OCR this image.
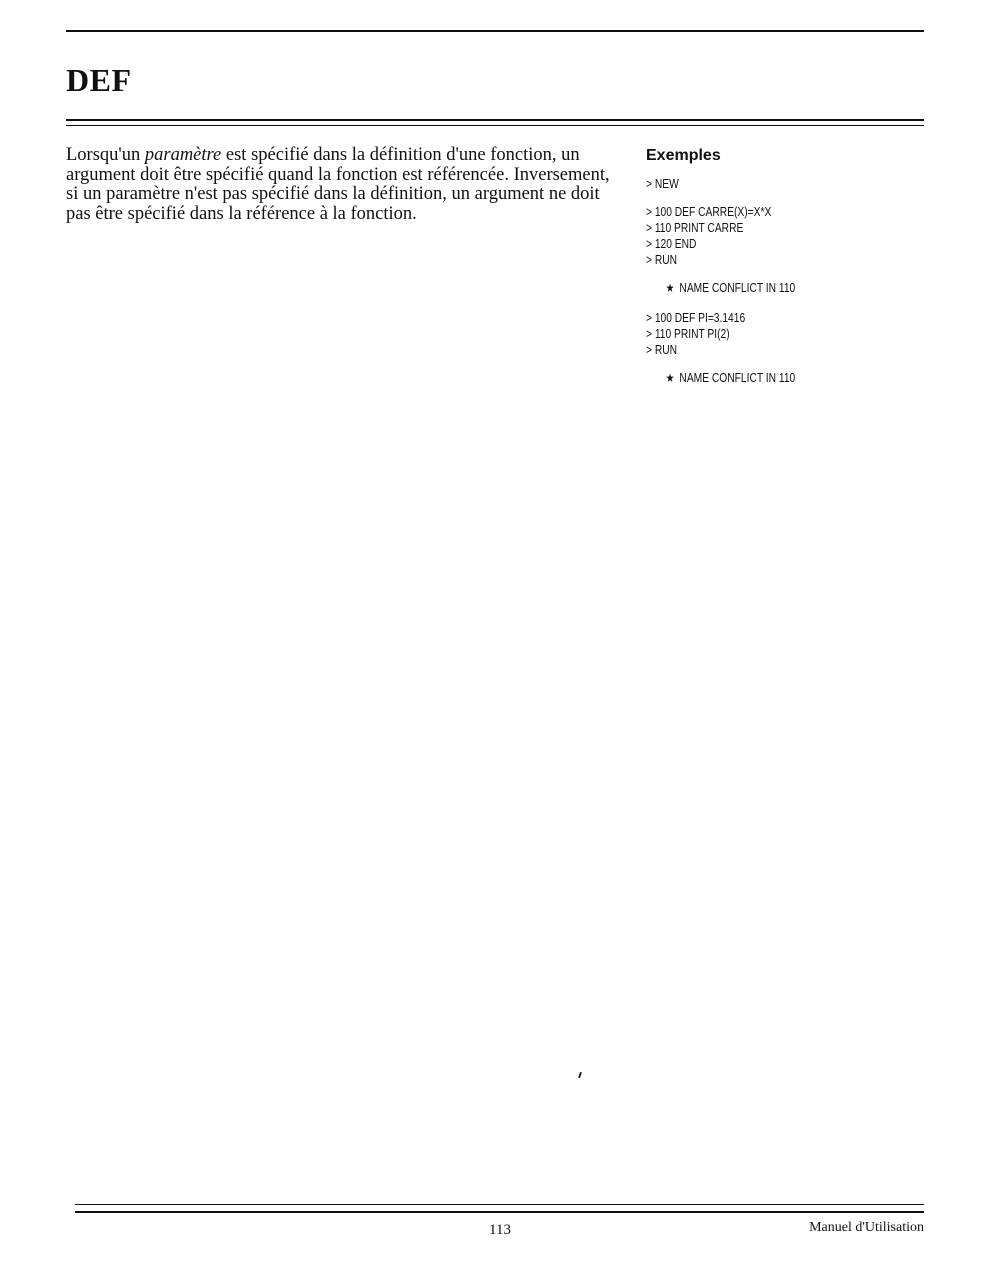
DEF

Lorsqu'un paramètre est spécifié dans la définition d'une fonction, un argument doit être spécifié quand la fonction est référencée. Inversement, si un paramètre n'est pas spécifié dans la définition, un argument ne doit pas être spécifié dans la référence à la fonction.

Exemples
> NEW
> 100 DEF CARRE(X)=X*X
> 110 PRINT CARRE
> 120 END
> RUN
★ NAME CONFLICT IN 110
> 100 DEF PI=3.1416
> 110 PRINT PI(2)
> RUN
★ NAME CONFLICT IN 110
113	Manuel d'Utilisation
